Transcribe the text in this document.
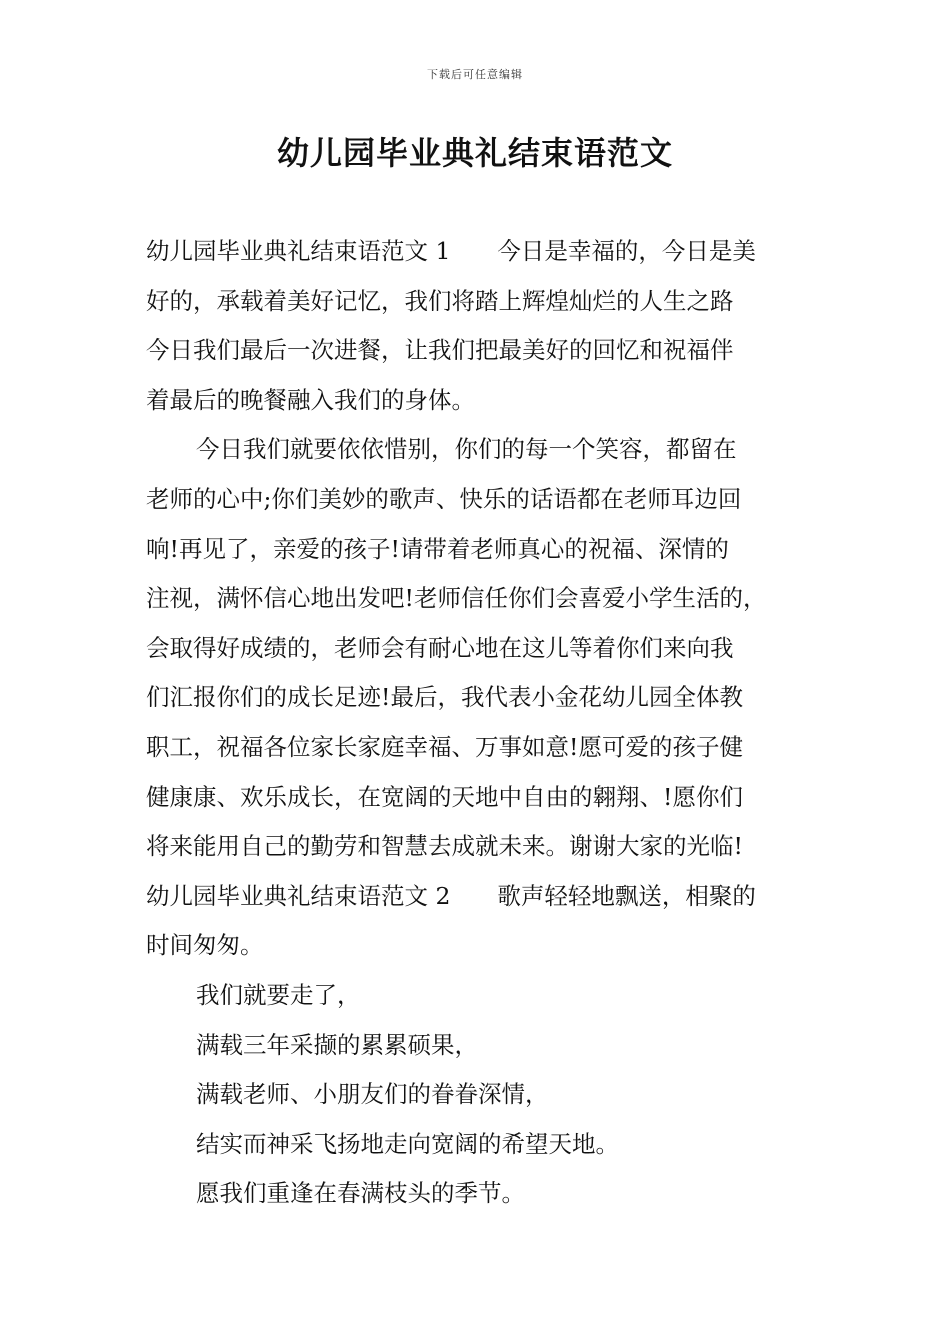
下载后可任意编辑
幼儿园毕业典礼结束语范文
幼儿园毕业典礼结束语范文 1　　今日是幸福的，今日是美
好的，承载着美好记忆，我们将踏上辉煌灿烂的人生之路
今日我们最后一次进餐，让我们把最美好的回忆和祝福伴
着最后的晚餐融入我们的身体。
今日我们就要依依惜别，你们的每一个笑容，都留在
老师的心中;你们美妙的歌声、快乐的话语都在老师耳边回
响!再见了，亲爱的孩子!请带着老师真心的祝福、深情的
注视，满怀信心地出发吧!老师信任你们会喜爱小学生活的，
会取得好成绩的，老师会有耐心地在这儿等着你们来向我
们汇报你们的成长足迹!最后，我代表小金花幼儿园全体教
职工，祝福各位家长家庭幸福、万事如意!愿可爱的孩子健
健康康、欢乐成长，在宽阔的天地中自由的翱翔、!愿你们
将来能用自己的勤劳和智慧去成就未来。谢谢大家的光临!
幼儿园毕业典礼结束语范文 2　　歌声轻轻地飘送，相聚的
时间匆匆。
我们就要走了，
满载三年采撷的累累硕果，
满载老师、小朋友们的眷眷深情，
结实而神采飞扬地走向宽阔的希望天地。
愿我们重逢在春满枝头的季节。
